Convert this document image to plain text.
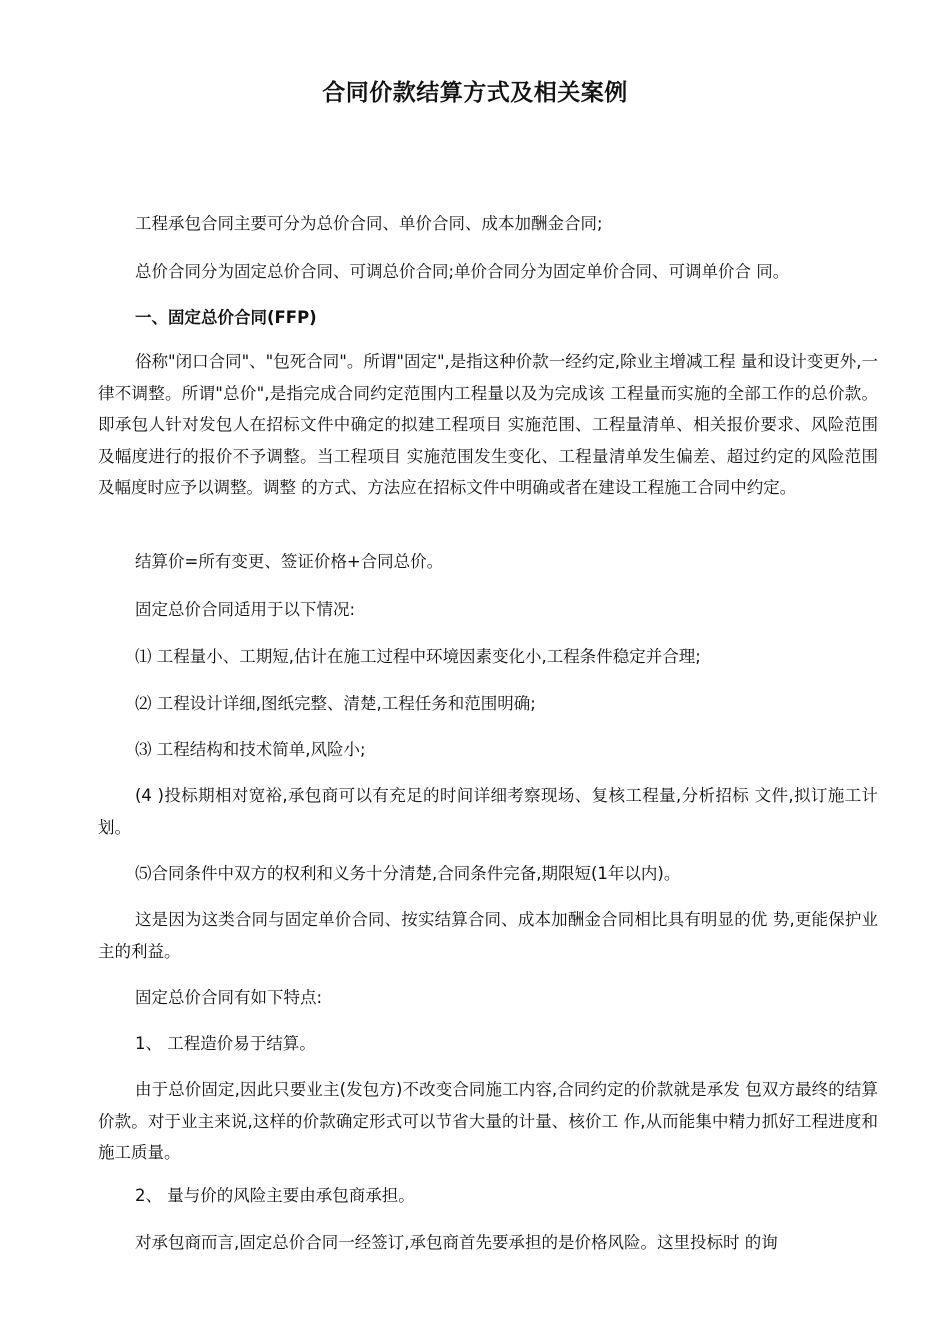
合同价款结算方式及相关案例

工程承包合同主要可分为总价合同、单价合同、成本加酬金合同;

总价合同分为固定总价合同、可调总价合同;单价合同分为固定单价合同、可调单价合 同。

一、固定总价合同(FFP)

俗称"闭口合同"、"包死合同"。所谓"固定",是指这种价款一经约定,除业主增减工程 量和设计变更外,一律不调整。所谓"总价",是指完成合同约定范围内工程量以及为完成该 工程量而实施的全部工作的总价款。即承包人针对发包人在招标文件中确定的拟建工程项目 实施范围、工程量清单、相关报价要求、风险范围及幅度进行的报价不予调整。当工程项目 实施范围发生变化、工程量清单发生偏差、超过约定的风险范围及幅度时应予以调整。调整 的方式、方法应在招标文件中明确或者在建设工程施工合同中约定。

结算价=所有变更、签证价格+合同总价。

固定总价合同适用于以下情况:

⑴ 工程量小、工期短,估计在施工过程中环境因素变化小,工程条件稳定并合理;

⑵ 工程设计详细,图纸完整、清楚,工程任务和范围明确;

⑶ 工程结构和技术简单,风险小;

(4 )投标期相对宽裕,承包商可以有充足的时间详细考察现场、复核工程量,分析招标 文件,拟订施工计划。

⑸合同条件中双方的权利和义务十分清楚,合同条件完备,期限短(1年以内)。

这是因为这类合同与固定单价合同、按实结算合同、成本加酬金合同相比具有明显的优 势,更能保护业主的利益。

固定总价合同有如下特点:

1、 工程造价易于结算。

由于总价固定,因此只要业主(发包方)不改变合同施工内容,合同约定的价款就是承发 包双方最终的结算价款。对于业主来说,这样的价款确定形式可以节省大量的计量、核价工 作,从而能集中精力抓好工程进度和施工质量。

2、 量与价的风险主要由承包商承担。

对承包商而言,固定总价合同一经签订,承包商首先要承担的是价格风险。这里投标时 的询
